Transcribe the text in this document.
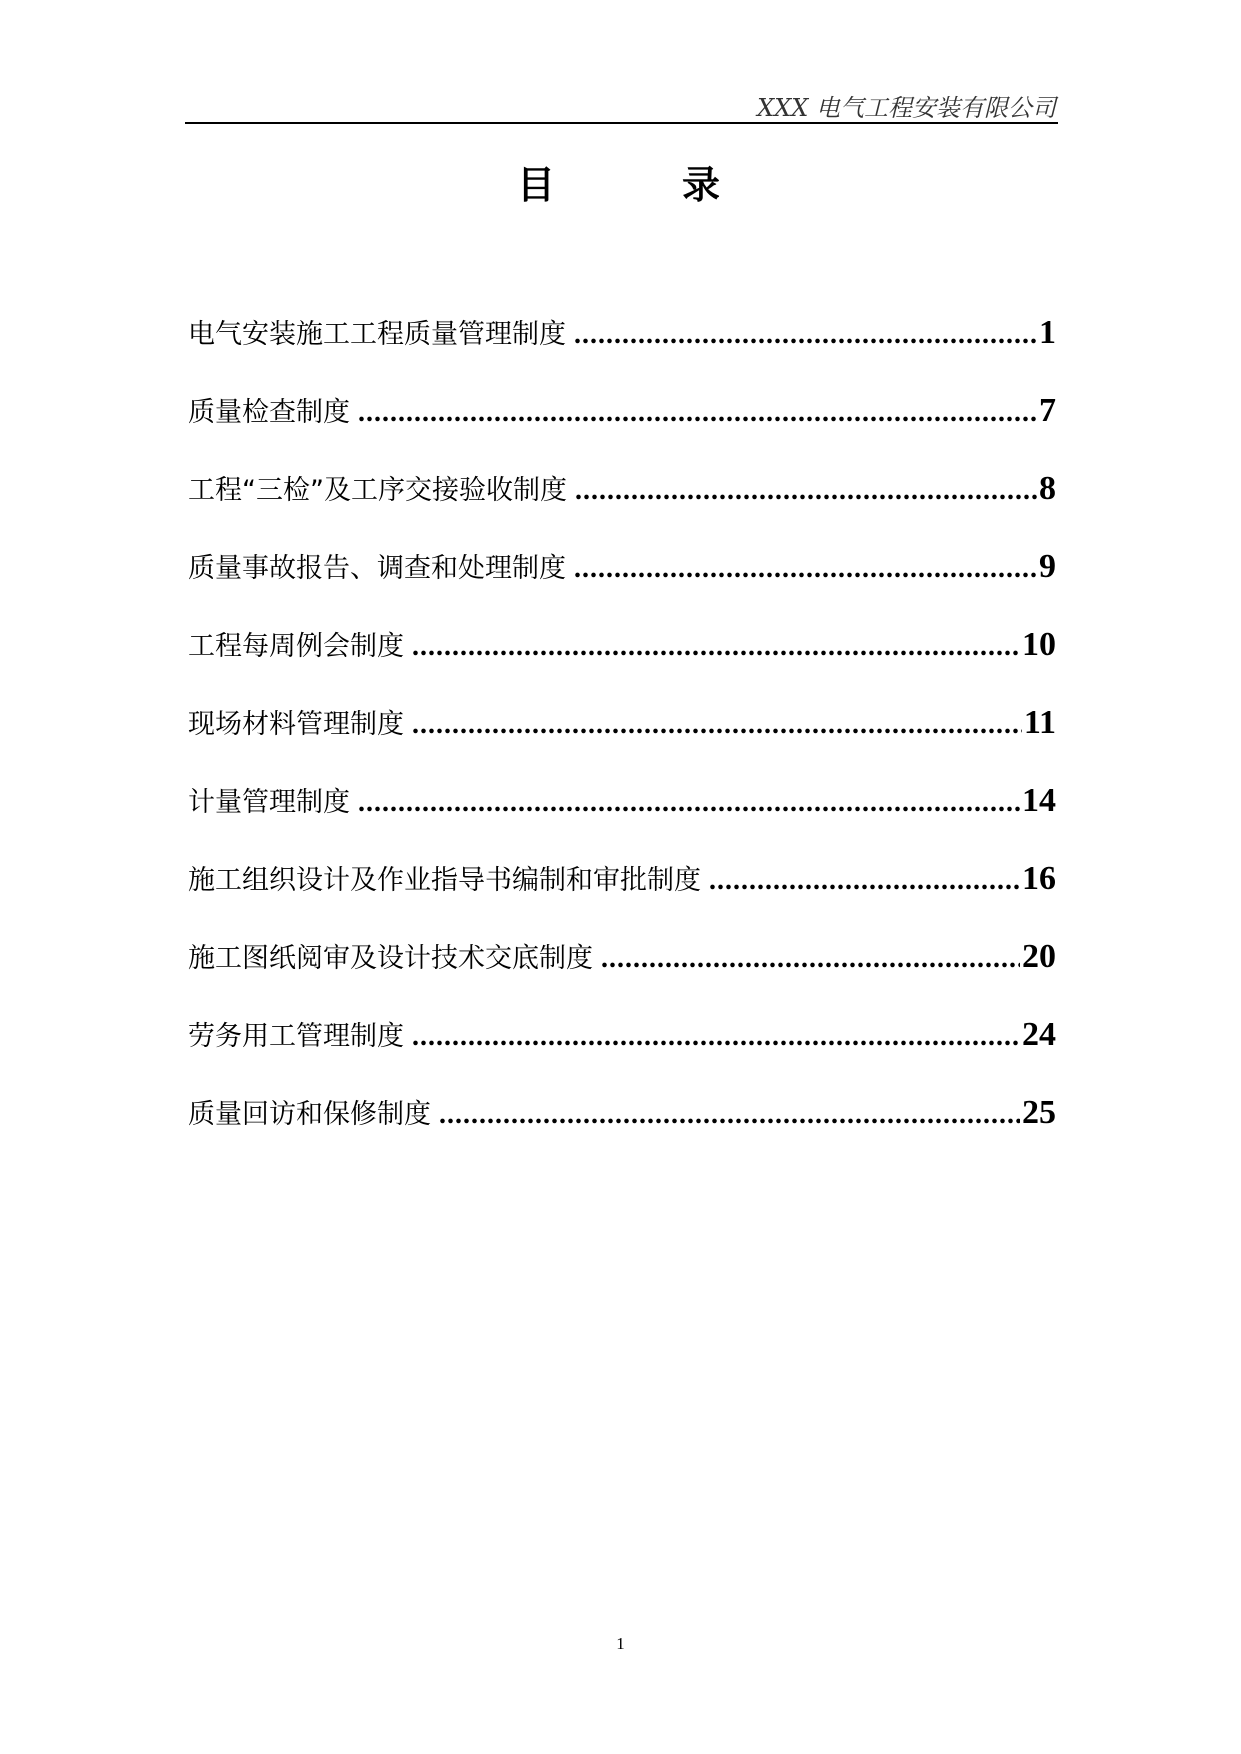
XXX 电气工程安装有限公司
目	录
电气安装施工工程质量管理制度 .....	1
质量检查制度 .....	7
工程“三检”及工序交接验收制度 .....	8
质量事故报告、调查和处理制度 .....	9
工程每周例会制度 .....	10
现场材料管理制度 .....	11
计量管理制度 .....	14
施工组织设计及作业指导书编制和审批制度 .....	16
施工图纸阅审及设计技术交底制度 .....	20
劳务用工管理制度 .....	24
质量回访和保修制度 .....	25
1
